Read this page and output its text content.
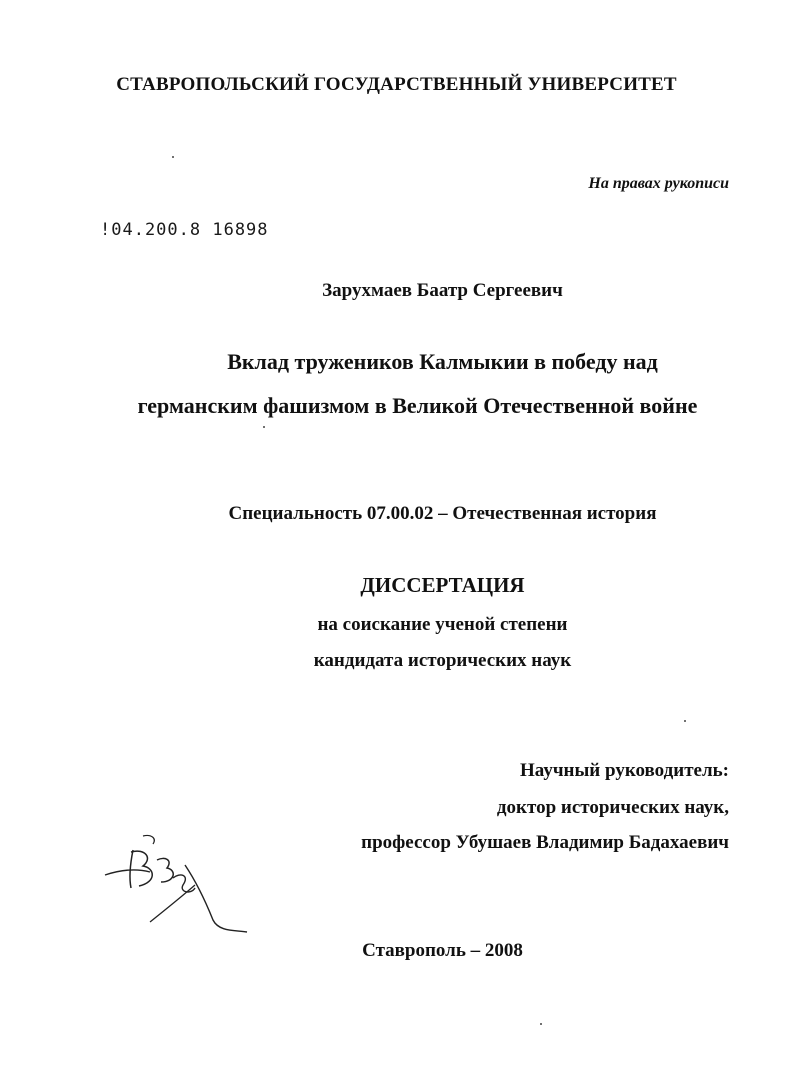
СТАВРОПОЛЬСКИЙ ГОСУДАРСТВЕННЫЙ УНИВЕРСИТЕТ
На правах рукописи
!04.200.8 16898
Зарухмаев Баатр Сергеевич
Вклад тружеников Калмыкии в победу над
германским фашизмом в Великой Отечественной войне
Специальность 07.00.02 – Отечественная история
ДИССЕРТАЦИЯ
на соискание ученой степени
кандидата исторических наук
Научный руководитель:
доктор исторических наук,
профессор Убушаев Владимир Бадахаевич
Ставрополь – 2008
